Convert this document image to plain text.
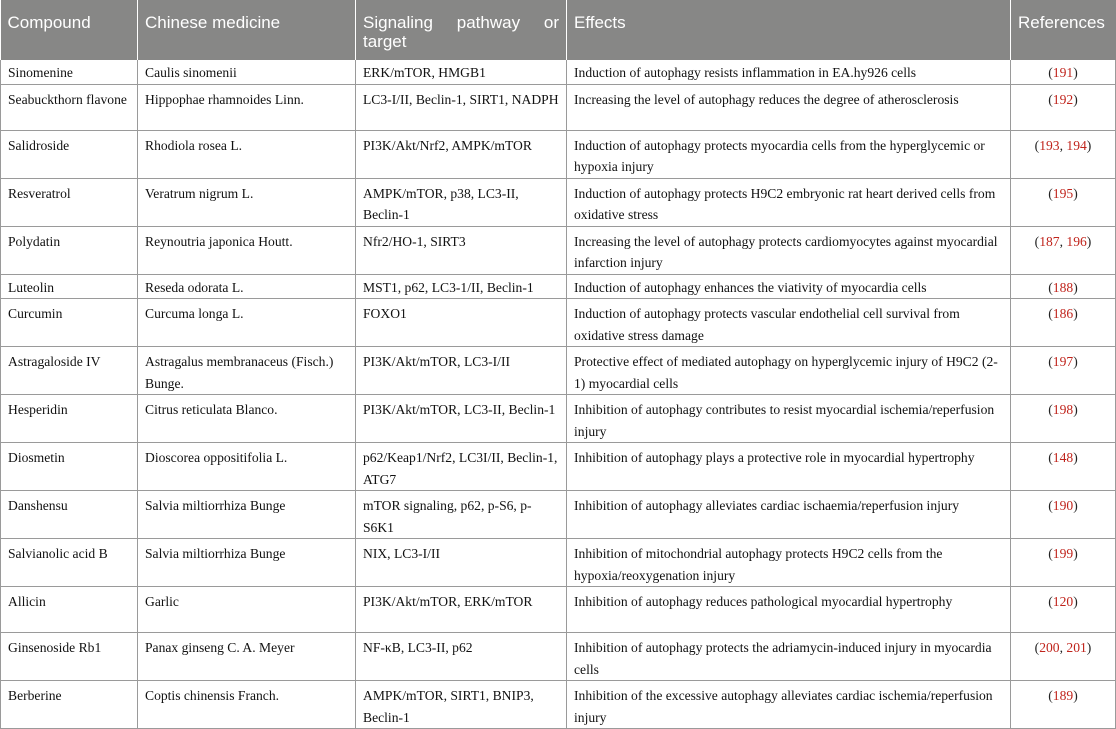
Compound	Chinese medicine	Signaling pathway or target	Effects	References
Sinomenine	Caulis sinomenii	ERK/mTOR, HMGB1	Induction of autophagy resists inflammation in EA.hy926 cells	(191)
Seabuckthorn flavone	Hippophae rhamnoides Linn.	LC3-I/II, Beclin-1, SIRT1, NADPH	Increasing the level of autophagy reduces the degree of atherosclerosis	(192)
Salidroside	Rhodiola rosea L.	PI3K/Akt/Nrf2, AMPK/mTOR	Induction of autophagy protects myocardia cells from the hyperglycemic or hypoxia injury	(193, 194)
Resveratrol	Veratrum nigrum L.	AMPK/mTOR, p38, LC3-II, Beclin-1	Induction of autophagy protects H9C2 embryonic rat heart derived cells from oxidative stress	(195)
Polydatin	Reynoutria japonica Houtt.	Nfr2/HO-1, SIRT3	Increasing the level of autophagy protects cardiomyocytes against myocardial infarction injury	(187, 196)
Luteolin	Reseda odorata L.	MST1, p62, LC3-1/II, Beclin-1	Induction of autophagy enhances the viativity of myocardia cells	(188)
Curcumin	Curcuma longa L.	FOXO1	Induction of autophagy protects vascular endothelial cell survival from oxidative stress damage	(186)
Astragaloside IV	Astragalus membranaceus (Fisch.) Bunge.	PI3K/Akt/mTOR, LC3-I/II	Protective effect of mediated autophagy on hyperglycemic injury of H9C2 (2-1) myocardial cells	(197)
Hesperidin	Citrus reticulata Blanco.	PI3K/Akt/mTOR, LC3-II, Beclin-1	Inhibition of autophagy contributes to resist myocardial ischemia/reperfusion injury	(198)
Diosmetin	Dioscorea oppositifolia L.	p62/Keap1/Nrf2, LC3I/II, Beclin-1, ATG7	Inhibition of autophagy plays a protective role in myocardial hypertrophy	(148)
Danshensu	Salvia miltiorrhiza Bunge	mTOR signaling, p62, p-S6, p-S6K1	Inhibition of autophagy alleviates cardiac ischaemia/reperfusion injury	(190)
Salvianolic acid B	Salvia miltiorrhiza Bunge	NIX, LC3-I/II	Inhibition of mitochondrial autophagy protects H9C2 cells from the hypoxia/reoxygenation injury	(199)
Allicin	Garlic	PI3K/Akt/mTOR, ERK/mTOR	Inhibition of autophagy reduces pathological myocardial hypertrophy	(120)
Ginsenoside Rb1	Panax ginseng C. A. Meyer	NF-κB, LC3-II, p62	Inhibition of autophagy protects the adriamycin-induced injury in myocardia cells	(200, 201)
Berberine	Coptis chinensis Franch.	AMPK/mTOR, SIRT1, BNIP3, Beclin-1	Inhibition of the excessive autophagy alleviates cardiac ischemia/reperfusion injury	(189)
